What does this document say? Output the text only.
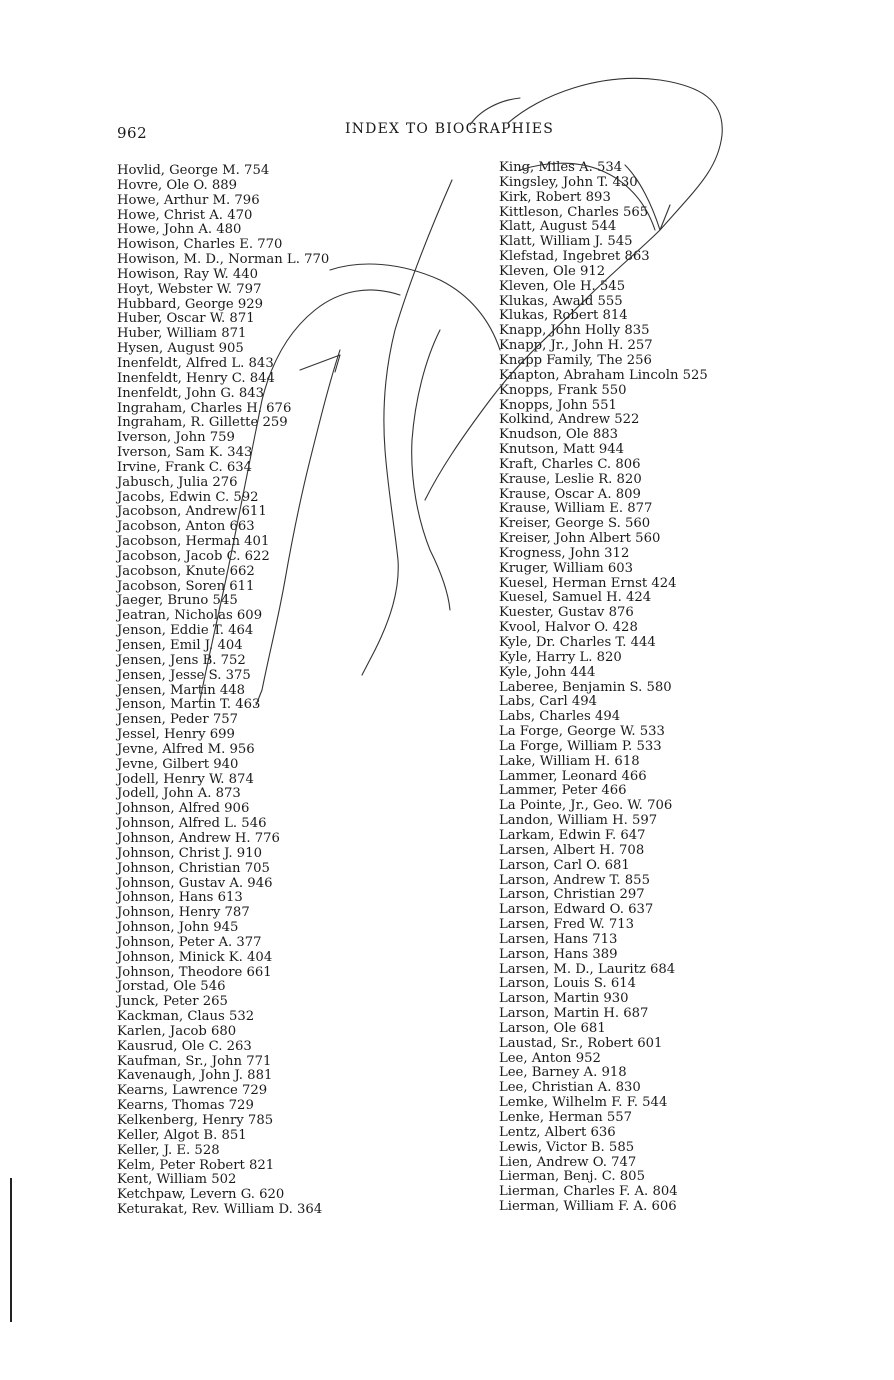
962	INDEX TO BIOGRAPHIES
Hovlid, George M. 754
Hovre, Ole O. 889
Howe, Arthur M. 796
Howe, Christ A. 470
Howe, John A. 480
Howison, Charles E. 770
Howison, M. D., Norman L. 770
Howison, Ray W. 440
Hoyt, Webster W. 797
Hubbard, George 929
Huber, Oscar W. 871
Huber, William 871
Hysen, August 905
Inenfeldt, Alfred L. 843
Inenfeldt, Henry C. 844
Inenfeldt, John G. 843
Ingraham, Charles H. 676
Ingraham, R. Gillette 259
Iverson, John 759
Iverson, Sam K. 343
Irvine, Frank C. 634
Jabusch, Julia 276
Jacobs, Edwin C. 592
Jacobson, Andrew 611
Jacobson, Anton 663
Jacobson, Herman 401
Jacobson, Jacob C. 622
Jacobson, Knute 662
Jacobson, Soren 611
Jaeger, Bruno 545
Jeatran, Nicholas 609
Jenson, Eddie T. 464
Jensen, Emil J. 404
Jensen, Jens B. 752
Jensen, Jesse S. 375
Jensen, Martin 448
Jenson, Martin T. 463
Jensen, Peder 757
Jessel, Henry 699
Jevne, Alfred M. 956
Jevne, Gilbert 940
Jodell, Henry W. 874
Jodell, John A. 873
Johnson, Alfred 906
Johnson, Alfred L. 546
Johnson, Andrew H. 776
Johnson, Christ J. 910
Johnson, Christian 705
Johnson, Gustav A. 946
Johnson, Hans 613
Johnson, Henry 787
Johnson, John 945
Johnson, Peter A. 377
Johnson, Minick K. 404
Johnson, Theodore 661
Jorstad, Ole 546
Junck, Peter 265
Kackman, Claus 532
Karlen, Jacob 680
Kausrud, Ole C. 263
Kaufman, Sr., John 771
Kavenaugh, John J. 881
Kearns, Lawrence 729
Kearns, Thomas 729
Kelkenberg, Henry 785
Keller, Algot B. 851
Keller, J. E. 528
Kelm, Peter Robert 821
Kent, William 502
Ketchpaw, Levern G. 620
Keturakat, Rev. William D. 364
King, Miles A. 534
Kingsley, John T. 430
Kirk, Robert 893
Kittleson, Charles 565
Klatt, August 544
Klatt, William J. 545
Klefstad, Ingebret 863
Kleven, Ole 912
Kleven, Ole H. 545
Klukas, Awald 555
Klukas, Robert 814
Knapp, John Holly 835
Knapp, Jr., John H. 257
Knapp Family, The 256
Knapton, Abraham Lincoln 525
Knopps, Frank 550
Knopps, John 551
Kolkind, Andrew 522
Knudson, Ole 883
Knutson, Matt 944
Kraft, Charles C. 806
Krause, Leslie R. 820
Krause, Oscar A. 809
Krause, William E. 877
Kreiser, George S. 560
Kreiser, John Albert 560
Krogness, John 312
Kruger, William 603
Kuesel, Herman Ernst 424
Kuesel, Samuel H. 424
Kuester, Gustav 876
Kvool, Halvor O. 428
Kyle, Dr. Charles T. 444
Kyle, Harry L. 820
Kyle, John 444
Laberee, Benjamin S. 580
Labs, Carl 494
Labs, Charles 494
La Forge, George W. 533
La Forge, William P. 533
Lake, William H. 618
Lammer, Leonard 466
Lammer, Peter 466
La Pointe, Jr., Geo. W. 706
Landon, William H. 597
Larkam, Edwin F. 647
Larsen, Albert H. 708
Larson, Carl O. 681
Larson, Andrew T. 855
Larson, Christian 297
Larson, Edward O. 637
Larsen, Fred W. 713
Larsen, Hans 713
Larson, Hans 389
Larsen, M. D., Lauritz 684
Larson, Louis S. 614
Larson, Martin 930
Larson, Martin H. 687
Larson, Ole 681
Laustad, Sr., Robert 601
Lee, Anton 952
Lee, Barney A. 918
Lee, Christian A. 830
Lemke, Wilhelm F. F. 544
Lenke, Herman 557
Lentz, Albert 636
Lewis, Victor B. 585
Lien, Andrew O. 747
Lierman, Benj. C. 805
Lierman, Charles F. A. 804
Lierman, William F. A. 606
